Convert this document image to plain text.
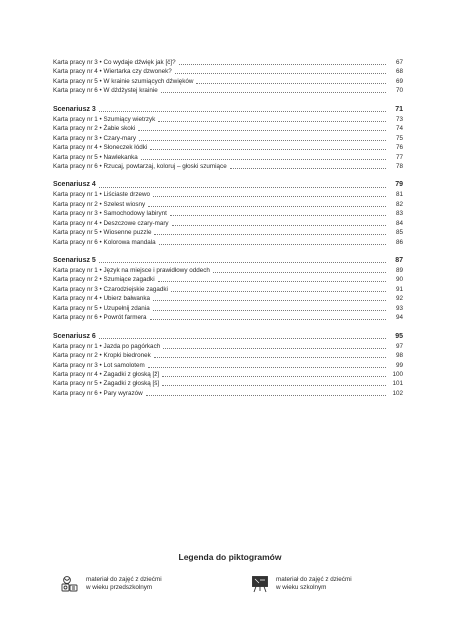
Karta pracy nr 3 • Co wydaje dźwięk jak [č]?	67
Karta pracy nr 4 • Wiertarka czy dzwonek?	68
Karta pracy nr 5 • W krainie szumiących dźwięków	69
Karta pracy nr 6 • W dżdżystej krainie	70
Scenariusz 3	71
Karta pracy nr 1 • Szumiący wietrzyk	73
Karta pracy nr 2 • Żabie skoki	74
Karta pracy nr 3 • Czary-mary	75
Karta pracy nr 4 • Słoneczek łódki	76
Karta pracy nr 5 • Nawlekanka	77
Karta pracy nr 6 • Rzucaj, powtarzaj, koloruj – głoski szumiące	78
Scenariusz 4	79
Karta pracy nr 1 • Liściaste drzewo	81
Karta pracy nr 2 • Szelest wiosny	82
Karta pracy nr 3 • Samochodowy labirynt	83
Karta pracy nr 4 • Deszczowe czary-mary	84
Karta pracy nr 5 • Wiosenne puzzle	85
Karta pracy nr 6 • Kolorowa mandala	86
Scenariusz 5	87
Karta pracy nr 1 • Język na miejsce i prawidłowy oddech	89
Karta pracy nr 2 • Szumiące zagadki	90
Karta pracy nr 3 • Czarodziejskie zagadki	91
Karta pracy nr 4 • Ubierz bałwanka	92
Karta pracy nr 5 • Uzupełnij zdania	93
Karta pracy nr 6 • Powrót farmera	94
Scenariusz 6	95
Karta pracy nr 1 • Jazda po pagórkach	97
Karta pracy nr 2 • Kropki biedronek	98
Karta pracy nr 3 • Lot samolotem	99
Karta pracy nr 4 • Zagadki z głoską [ž]	100
Karta pracy nr 5 • Zagadki z głoską [š]	101
Karta pracy nr 6 • Pary wyrazów	102
Legenda do piktogramów
materiał do zajęć z dziećmi
w wieku przedszkolnym
materiał do zajęć z dziećmi
w wieku szkolnym
